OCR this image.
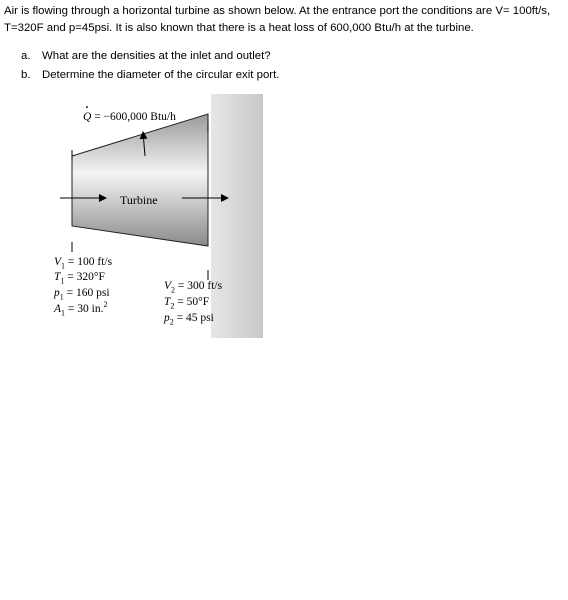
Air is flowing through a horizontal turbine as shown below. At the entrance port the conditions are V= 100ft/s, T=320F and p=45psi. It is also known that there is a heat loss of 600,000 Btu/h at the turbine.

a.	What are the densities at the inlet and outlet?
b.	Determine the diameter of the circular exit port.
· Q = −600,000 Btu/h
Turbine
$V_1 = 100$ ft/s
$T_1 = 320^\circ F$
$p_1 = 160$ psi
$A_1 = 30$ in.$^2$
$V_2 = 300$ ft/s
$T_2 = 50^\circ F$
$p_2 = 45$ psi
